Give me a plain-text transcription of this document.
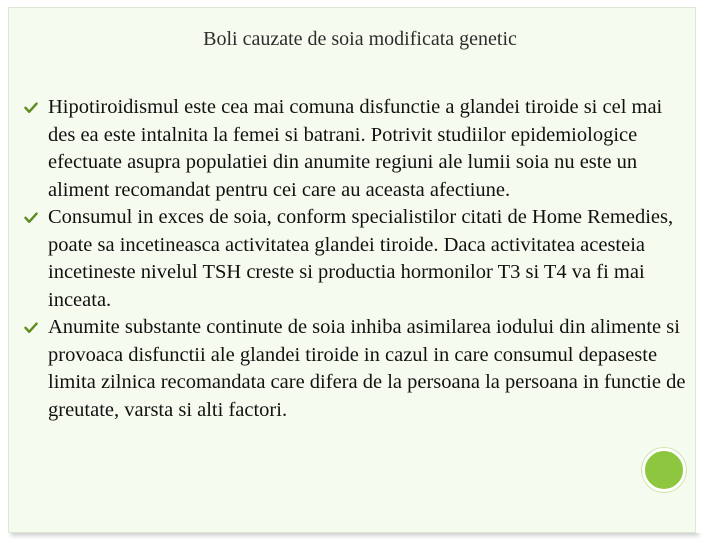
Boli cauzate de soia modificata genetic
Hipotiroidismul este cea mai comuna disfunctie a glandei tiroide si cel mai des ea este intalnita la femei si batrani. Potrivit studiilor epidemiologice efectuate asupra populatiei din anumite regiuni ale lumii soia nu este un aliment recomandat pentru cei care au aceasta afectiune.
Consumul in exces de soia, conform specialistilor citati de Home Remedies, poate sa incetineasca activitatea glandei tiroide. Daca activitatea acesteia incetineste nivelul TSH creste si productia hormonilor T3 si T4 va fi mai inceata.
Anumite substante continute de soia inhiba asimilarea iodului din alimente si provoaca disfunctii ale glandei tiroide in cazul in care consumul depaseste limita zilnica recomandata care difera de la persoana la persoana in functie de greutate, varsta si alti factori.
